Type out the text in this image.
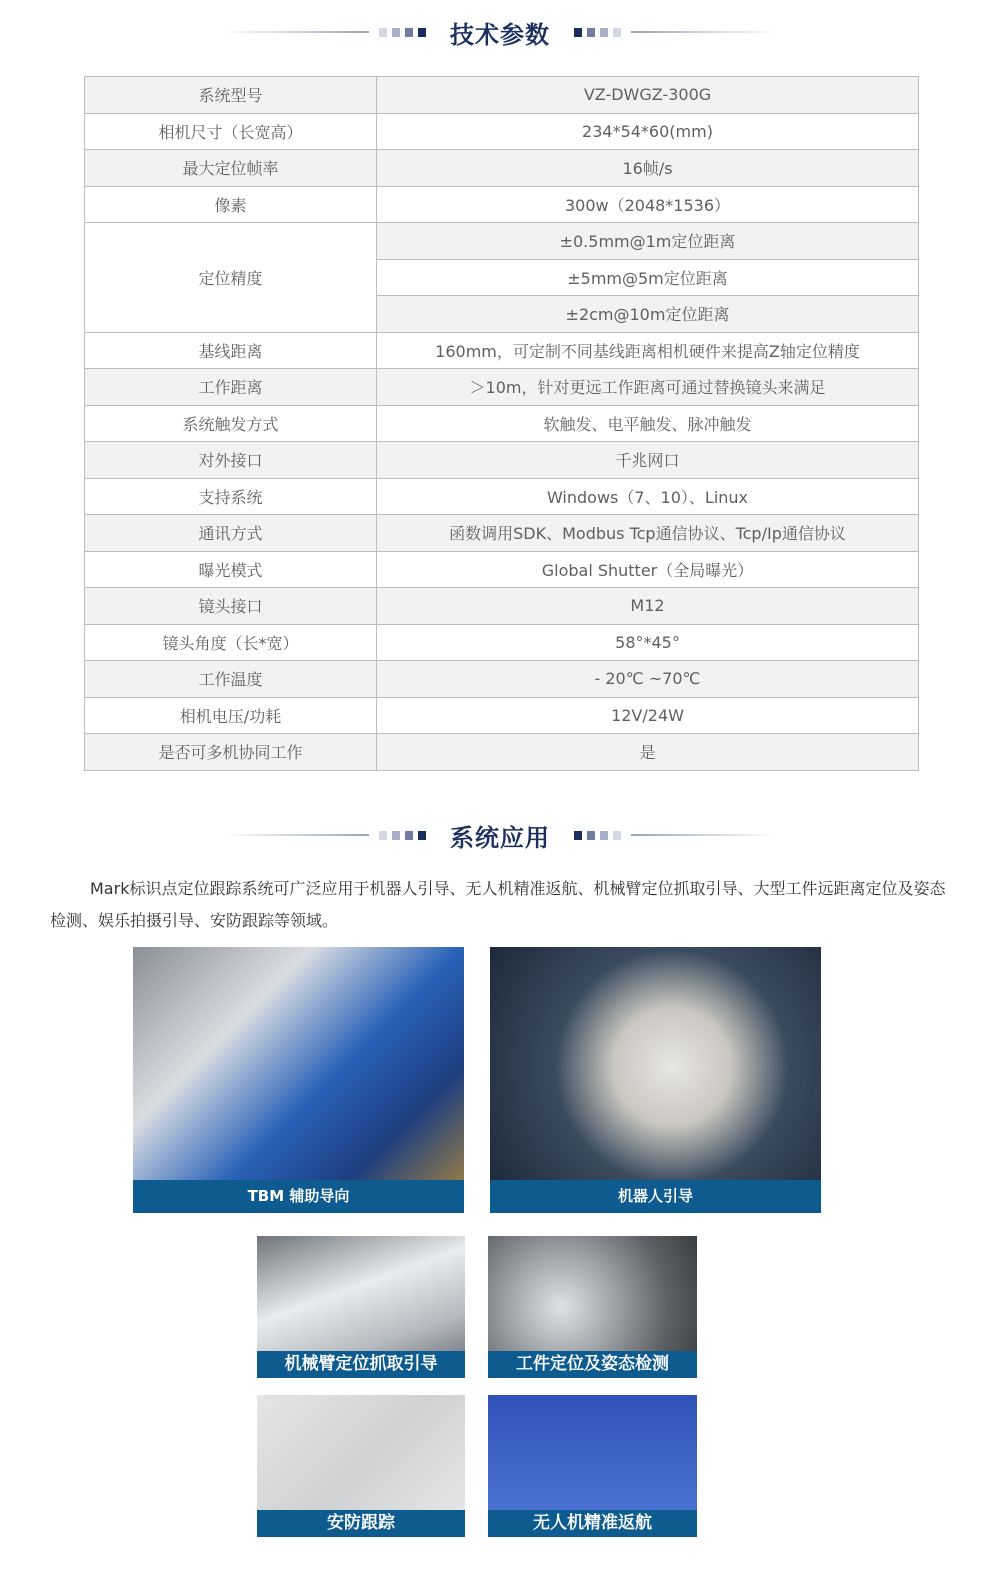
技术参数
系统型号	VZ-DWGZ-300G
相机尺寸（长宽高）	234*54*60(mm)
最大定位帧率	16帧/s
像素	300w（2048*1536）
定位精度	±0.5mm@1m定位距离
	±5mm@5m定位距离
	±2cm@10m定位距离
基线距离	160mm，可定制不同基线距离相机硬件来提高Z轴定位精度
工作距离	＞10m，针对更远工作距离可通过替换镜头来满足
系统触发方式	软触发、电平触发、脉冲触发
对外接口	千兆网口
支持系统	Windows（7、10）、Linux
通讯方式	函数调用SDK、Modbus Tcp通信协议、Tcp/Ip通信协议
曝光模式	Global Shutter（全局曝光）
镜头接口	M12
镜头角度（长*宽）	58°*45°
工作温度	- 20℃ ~70℃
相机电压/功耗	12V/24W
是否可多机协同工作	是
系统应用

Mark标识点定位跟踪系统可广泛应用于机器人引导、无人机精准返航、机械臂定位抓取引导、大型工件远距离定位及姿态检测、娱乐拍摄引导、安防跟踪等领域。

TBM 辅助导向	机器人引导
机械臂定位抓取引导	工件定位及姿态检测
安防跟踪	无人机精准返航
